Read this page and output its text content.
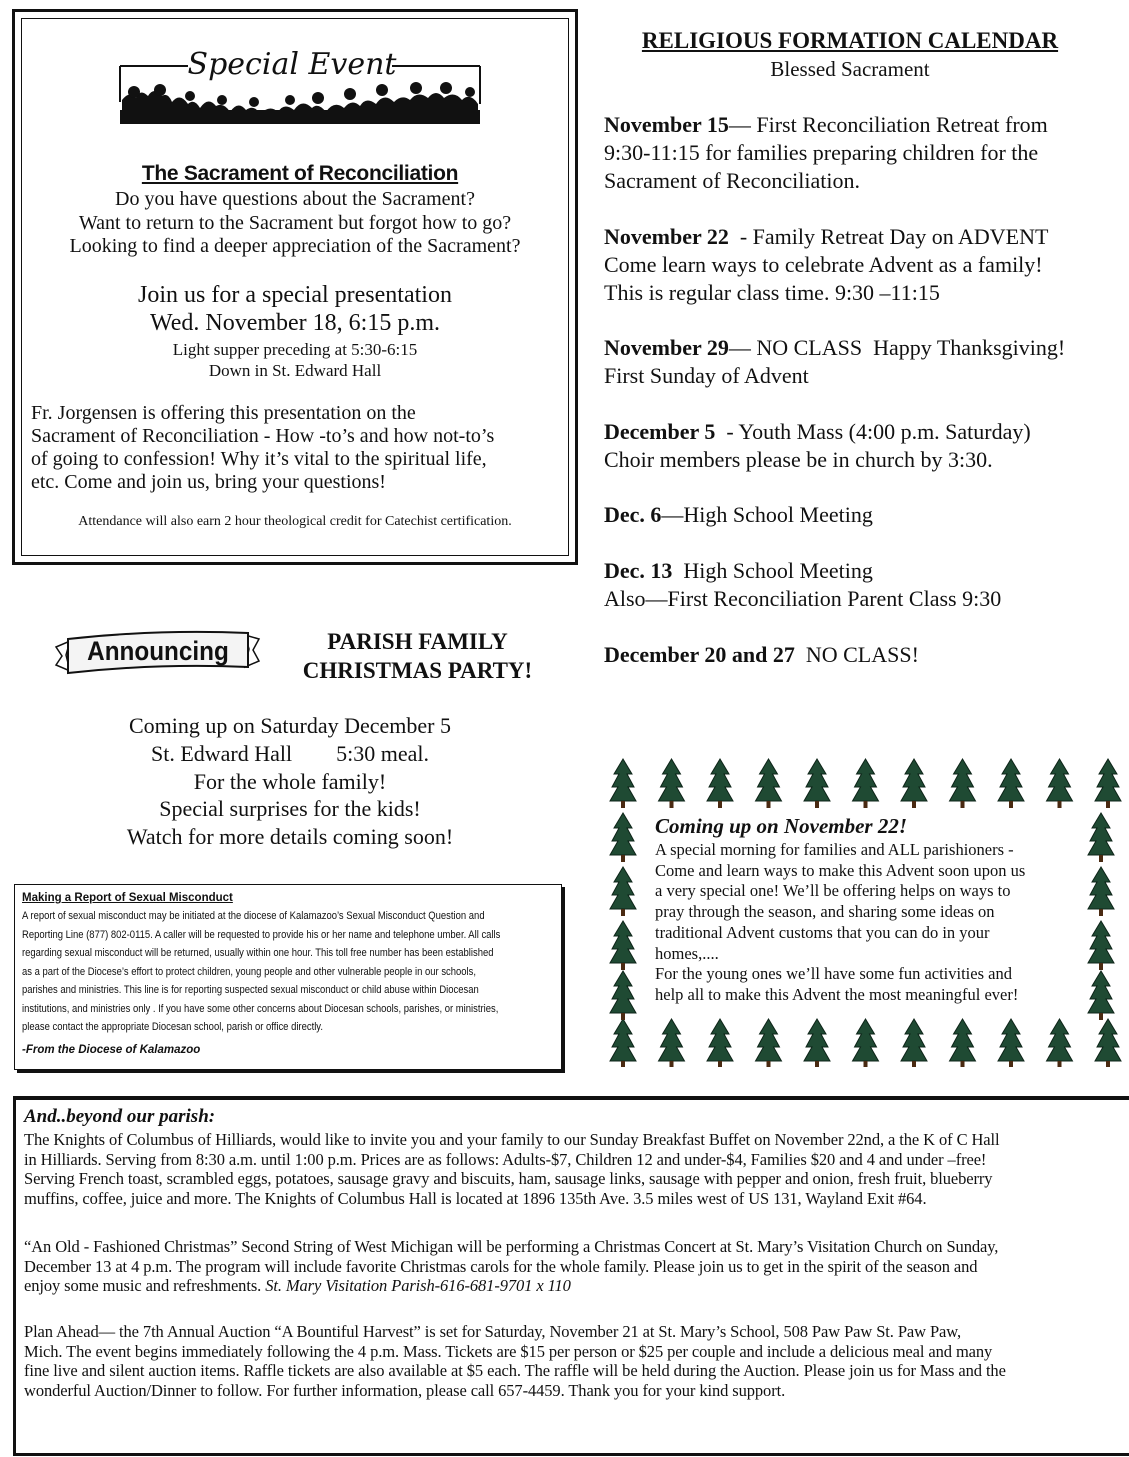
Special Event
The Sacrament of Reconciliation
Do you have questions about the Sacrament?
Want to return to the Sacrament but forgot how to go?
Looking to find a deeper appreciation of the Sacrament?
Join us for a special presentation
Wed. November 18, 6:15 p.m.
Light supper preceding at 5:30-6:15
Down in St. Edward Hall
Fr. Jorgensen is offering this presentation on the
Sacrament of Reconciliation - How -to’s and how not-to’s
of going to confession! Why it’s vital to the spiritual life,
etc. Come and join us, bring your questions!
Attendance will also earn 2 hour theological credit for Catechist certification.
Announcing	PARISH FAMILY
CHRISTMAS PARTY!
Coming up on Saturday December 5
St. Edward Hall        5:30 meal.
For the whole family!
Special surprises for the kids!
Watch for more details coming soon!
Making a Report of Sexual Misconduct
A report of sexual misconduct may be initiated at the diocese of Kalamazoo’s Sexual Misconduct Question and
Reporting Line (877) 802-0115. A caller will be requested to provide his or her name and telephone umber. All calls
regarding sexual misconduct will be returned, usually within one hour. This toll free number has been established
as a part of the Diocese’s effort to protect children, young people and other vulnerable people in our schools,
parishes and ministries. This line is for reporting suspected sexual misconduct or child abuse within Diocesan
institutions, and ministries only . If you have some other concerns about Diocesan schools, parishes, or ministries,
please contact the appropriate Diocesan school, parish or office directly.
-From the Diocese of Kalamazoo
RELIGIOUS FORMATION CALENDAR
Blessed Sacrament
November 15— First Reconciliation Retreat from
9:30-11:15 for families preparing children for the
Sacrament of Reconciliation.
November 22  - Family Retreat Day on ADVENT
Come learn ways to celebrate Advent as a family!
This is regular class time. 9:30 –11:15
November 29— NO CLASS  Happy Thanksgiving!
First Sunday of Advent
December 5  - Youth Mass (4:00 p.m. Saturday)
Choir members please be in church by 3:30.
Dec. 6—High School Meeting
Dec. 13  High School Meeting
Also—First Reconciliation Parent Class 9:30
December 20 and 27  NO CLASS!
Coming up on November 22!
A special morning for families and ALL parishioners -
Come and learn ways to make this Advent soon upon us
a very special one! We’ll be offering helps on ways to
pray through the season, and sharing some ideas on
traditional Advent customs that you can do in your
homes,....
For the young ones we’ll have some fun activities and
help all to make this Advent the most meaningful ever!
And..beyond our parish:
The Knights of Columbus of Hilliards, would like to invite you and your family to our Sunday Breakfast Buffet on November 22nd, a the K of C Hall
in Hilliards. Serving from 8:30 a.m. until 1:00 p.m. Prices are as follows: Adults-$7, Children 12 and under-$4, Families $20 and 4 and under –free!
Serving French toast, scrambled eggs, potatoes, sausage gravy and biscuits, ham, sausage links, sausage with pepper and onion, fresh fruit, blueberry
muffins, coffee, juice and more. The Knights of Columbus Hall is located at 1896 135th Ave. 3.5 miles west of US 131, Wayland Exit #64.
“An Old - Fashioned Christmas” Second String of West Michigan will be performing a Christmas Concert at St. Mary’s Visitation Church on Sunday,
December 13 at 4 p.m. The program will include favorite Christmas carols for the whole family. Please join us to get in the spirit of the season and
enjoy some music and refreshments. St. Mary Visitation Parish-616-681-9701 x 110
Plan Ahead— the 7th Annual Auction “A Bountiful Harvest” is set for Saturday, November 21 at St. Mary’s School, 508 Paw Paw St. Paw Paw,
Mich. The event begins immediately following the 4 p.m. Mass. Tickets are $15 per person or $25 per couple and include a delicious meal and many
fine live and silent auction items. Raffle tickets are also available at $5 each. The raffle will be held during the Auction. Please join us for Mass and the
wonderful Auction/Dinner to follow. For further information, please call 657-4459. Thank you for your kind support.
